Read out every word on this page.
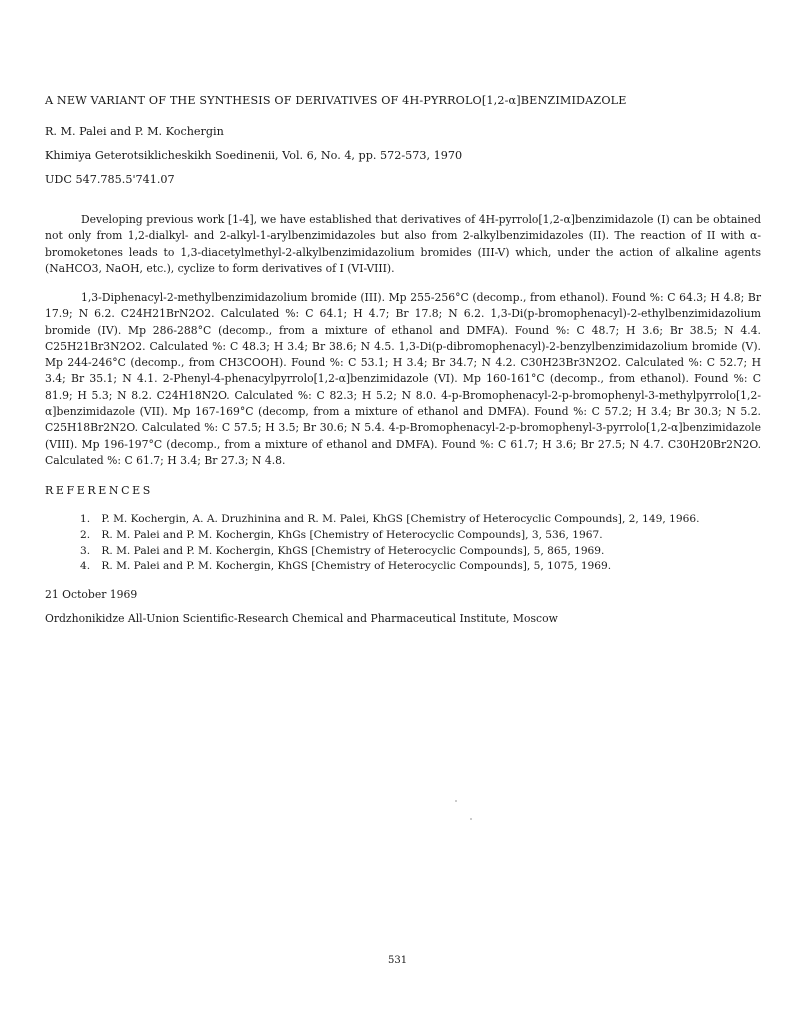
A NEW VARIANT OF THE SYNTHESIS OF DERIVATIVES OF 4H-PYRROLO[1,2-α]BENZIMIDAZOLE
R. M. Palei and P. M. Kochergin
Khimiya Geterotsiklicheskikh Soedinenii, Vol. 6, No. 4, pp. 572-573, 1970
UDC 547.785.5'741.07

Developing previous work [1-4], we have established that derivatives of 4H-pyrrolo[1,2-α]benzimidazole (I) can be obtained not only from 1,2-dialkyl- and 2-alkyl-1-arylbenzimidazoles but also from 2-alkylbenzimidazoles (II). The reaction of II with α-bromoketones leads to 1,3-diacetylmethyl-2-alkylbenzimidazolium bromides (III-V) which, under the action of alkaline agents (NaHCO3, NaOH, etc.), cyclize to form derivatives of I (VI-VIII).

1,3-Diphenacyl-2-methylbenzimidazolium bromide (III). Mp 255-256°C (decomp., from ethanol). Found %: C 64.3; H 4.8; Br 17.9; N 6.2. C24H21BrN2O2. Calculated %: C 64.1; H 4.7; Br 17.8; N 6.2. 1,3-Di(p-bromophenacyl)-2-ethylbenzimidazolium bromide (IV). Mp 286-288°C (decomp., from a mixture of ethanol and DMFA). Found %: C 48.7; H 3.6; Br 38.5; N 4.4. C25H21Br3N2O2. Calculated %: C 48.3; H 3.4; Br 38.6; N 4.5. 1,3-Di(p-dibromophenacyl)-2-benzylbenzimidazolium bromide (V). Mp 244-246°C (decomp., from CH3COOH). Found %: C 53.1; H 3.4; Br 34.7; N 4.2. C30H23Br3N2O2. Calculated %: C 52.7; H 3.4; Br 35.1; N 4.1. 2-Phenyl-4-phenacylpyrrolo[1,2-α]benzimidazole (VI). Mp 160-161°C (decomp., from ethanol). Found %: C 81.9; H 5.3; N 8.2. C24H18N2O. Calculated %: C 82.3; H 5.2; N 8.0. 4-p-Bromophenacyl-2-p-bromophenyl-3-methylpyrrolo[1,2-α]benzimidazole (VII). Mp 167-169°C (decomp, from a mixture of ethanol and DMFA). Found %: C 57.2; H 3.4; Br 30.3; N 5.2. C25H18Br2N2O. Calculated %: C 57.5; H 3.5; Br 30.6; N 5.4. 4-p-Bromophenacyl-2-p-bromophenyl-3-pyrrolo[1,2-α]benzimidazole (VIII). Mp 196-197°C (decomp., from a mixture of ethanol and DMFA). Found %: C 61.7; H 3.6; Br 27.5; N 4.7. C30H20Br2N2O. Calculated %: C 61.7; H 3.4; Br 27.3; N 4.8.

REFERENCES
1. P. M. Kochergin, A. A. Druzhinina and R. M. Palei, KhGS [Chemistry of Heterocyclic Compounds], 2, 149, 1966.
2. R. M. Palei and P. M. Kochergin, KhGs [Chemistry of Heterocyclic Compounds], 3, 536, 1967.
3. R. M. Palei and P. M. Kochergin, KhGS [Chemistry of Heterocyclic Compounds], 5, 865, 1969.
4. R. M. Palei and P. M. Kochergin, KhGS [Chemistry of Heterocyclic Compounds], 5, 1075, 1969.
21 October 1969
Ordzhonikidze All-Union Scientific-Research Chemical and Pharmaceutical Institute, Moscow
531
